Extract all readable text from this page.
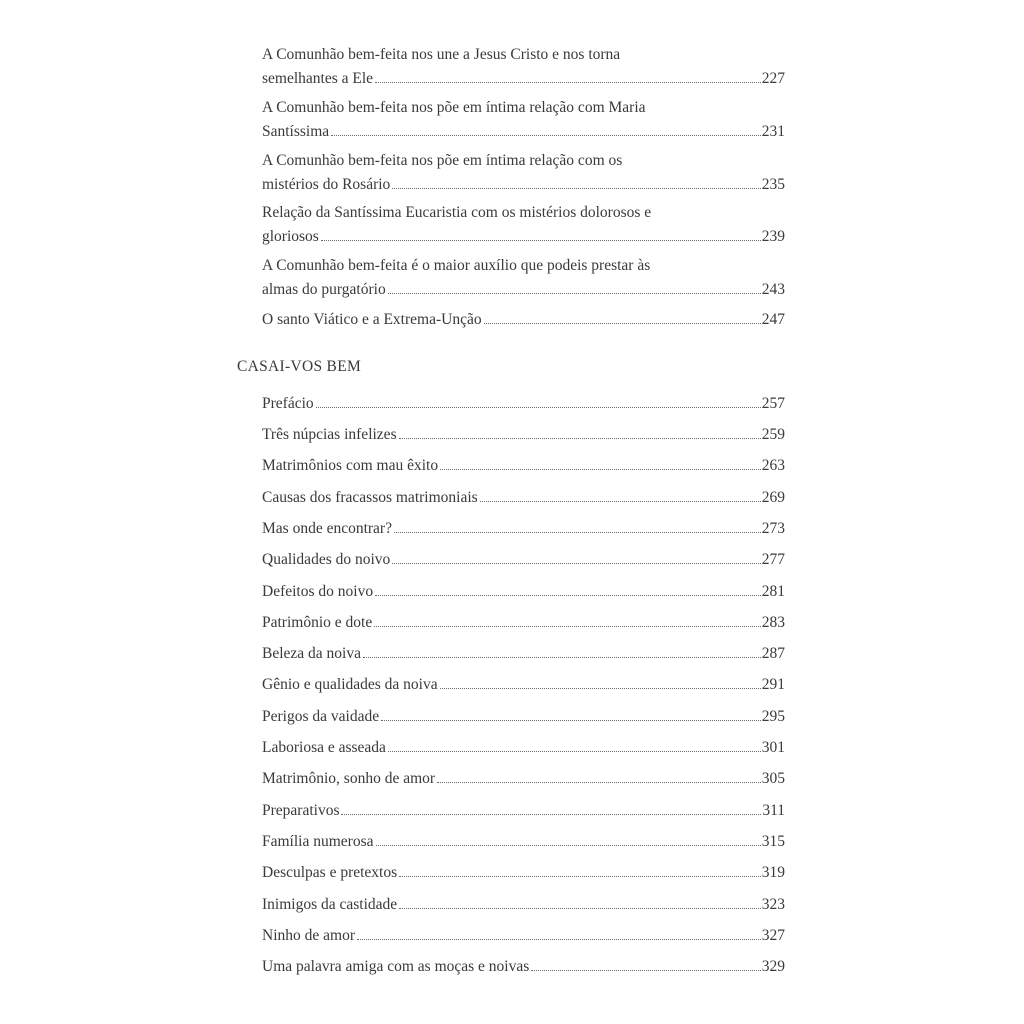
A Comunhão bem-feita nos une a Jesus Cristo e nos torna
semelhantes a Ele	227
A Comunhão bem-feita nos põe em íntima relação com Maria
Santíssima	231
A Comunhão bem-feita nos põe em íntima relação com os
mistérios do Rosário	235
Relação da Santíssima Eucaristia com os mistérios dolorosos e
gloriosos	239
A Comunhão bem-feita é o maior auxílio que podeis prestar às
almas do purgatório	243
O santo Viático e a Extrema-Unção	247
CASAI-VOS BEM
Prefácio	257
Três núpcias infelizes	259
Matrimônios com mau êxito	263
Causas dos fracassos matrimoniais	269
Mas onde encontrar?	273
Qualidades do noivo	277
Defeitos do noivo	281
Patrimônio e dote	283
Beleza da noiva	287
Gênio e qualidades da noiva	291
Perigos da vaidade	295
Laboriosa e asseada	301
Matrimônio, sonho de amor	305
Preparativos	311
Família numerosa	315
Desculpas e pretextos	319
Inimigos da castidade	323
Ninho de amor	327
Uma palavra amiga com as moças e noivas	329
